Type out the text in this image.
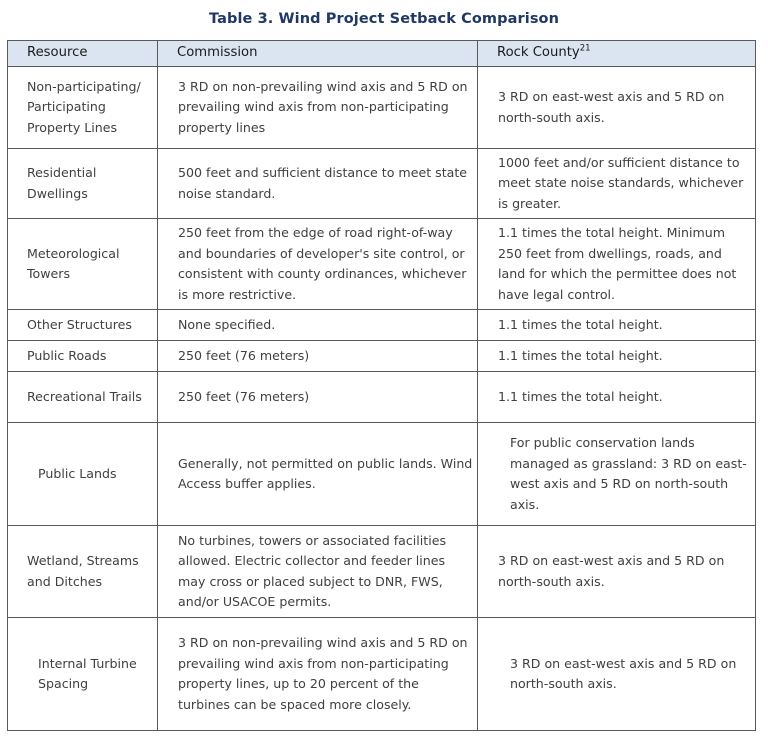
Table 3. Wind Project Setback Comparison
Resource	Commission	Rock County$^{21}$
Non-participating/ Participating Property Lines	3 RD on non-prevailing wind axis and 5 RD on prevailing wind axis from non-participating property lines	3 RD on east-west axis and 5 RD on north-south axis.
Residential Dwellings	500 feet and sufficient distance to meet state noise standard.	1000 feet and/or sufficient distance to meet state noise standards, whichever is greater.
Meteorological Towers	250 feet from the edge of road right-of-way and boundaries of developer's site control, or consistent with county ordinances, whichever is more restrictive.	1.1 times the total height. Minimum 250 feet from dwellings, roads, and land for which the permittee does not have legal control.
Other Structures	None specified.	1.1 times the total height.
Public Roads	250 feet (76 meters)	1.1 times the total height.
Recreational Trails	250 feet (76 meters)	1.1 times the total height.
Public Lands	Generally, not permitted on public lands. Wind Access buffer applies.	For public conservation lands managed as grassland: 3 RD on east-west axis and 5 RD on north-south axis.
Wetland, Streams and Ditches	No turbines, towers or associated facilities allowed. Electric collector and feeder lines may cross or placed subject to DNR, FWS, and/or USACOE permits.	3 RD on east-west axis and 5 RD on north-south axis.
Internal Turbine Spacing	3 RD on non-prevailing wind axis and 5 RD on prevailing wind axis from non-participating property lines, up to 20 percent of the turbines can be spaced more closely.	3 RD on east-west axis and 5 RD on north-south axis.
